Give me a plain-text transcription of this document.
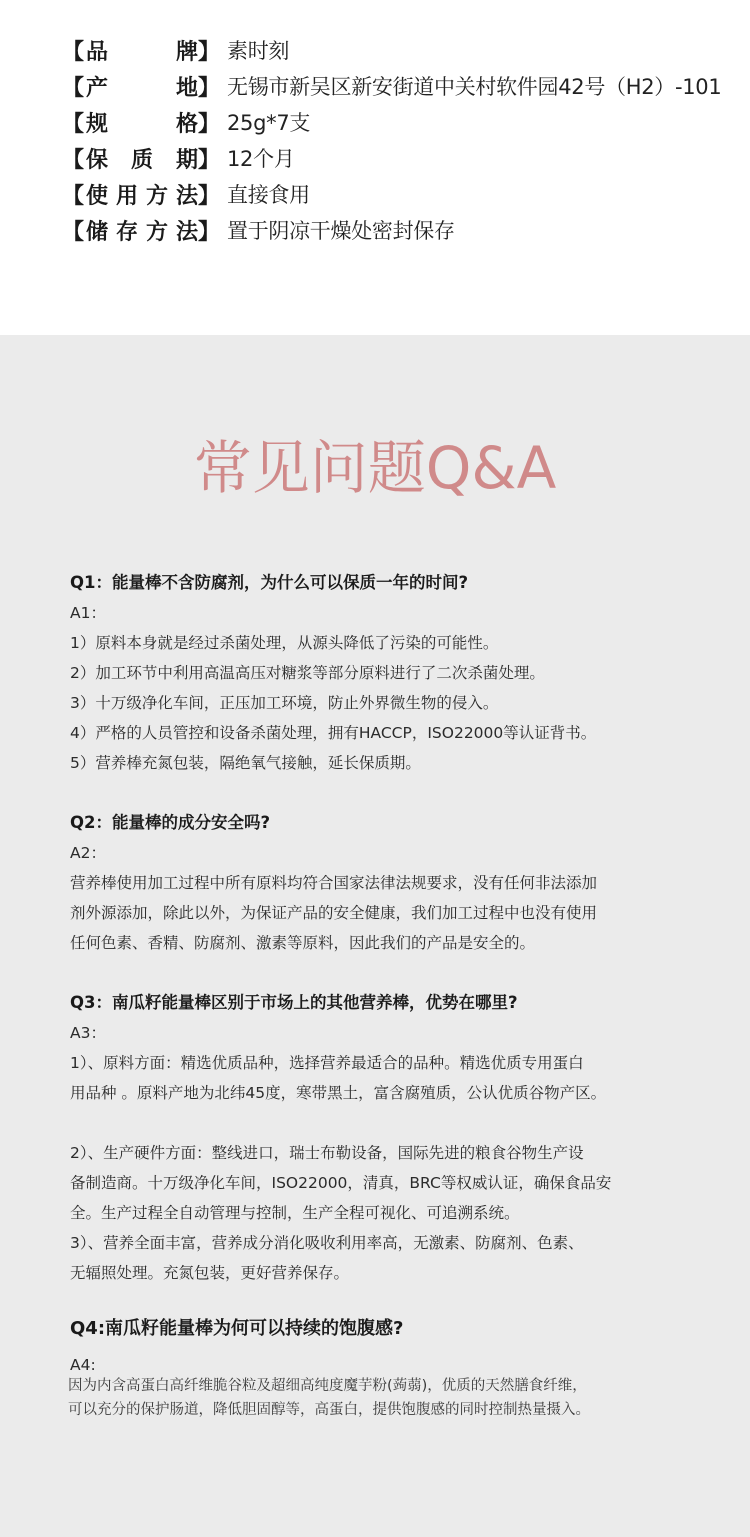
【 品	牌 】 素时刻
【 产	地 】 无锡市新吴区新安街道中关村软件园42号（H2）-101
【 规	格 】 25g*7支
【 保 质 期 】 12个月
【 使 用 方 法 】 直接食用
【 储 存 方 法 】 置于阴凉干燥处密封保存
常见问题Q&A
Q1：能量棒不含防腐剂，为什么可以保质一年的时间?
A1：
1）原料本身就是经过杀菌处理，从源头降低了污染的可能性。
2）加工环节中利用高温高压对糖浆等部分原料进行了二次杀菌处理。
3）十万级净化车间，正压加工环境，防止外界微生物的侵入。
4）严格的人员管控和设备杀菌处理，拥有HACCP，ISO22000等认证背书。
5）营养棒充氮包装，隔绝氧气接触，延长保质期。
Q2：能量棒的成分安全吗?
A2：
营养棒使用加工过程中所有原料均符合国家法律法规要求，没有任何非法添加
剂外源添加，除此以外，为保证产品的安全健康，我们加工过程中也没有使用
任何色素、香精、防腐剂、激素等原料，因此我们的产品是安全的。
Q3：南瓜籽能量棒区别于市场上的其他营养棒，优势在哪里?
A3：
1）、原料方面：精选优质品种，选择营养最适合的品种。精选优质专用蛋白
用品种 。原料产地为北纬45度，寒带黑土，富含腐殖质，公认优质谷物产区。
2）、生产硬件方面：整线进口，瑞士布勒设备，国际先进的粮食谷物生产设
备制造商。十万级净化车间，ISO22000，清真，BRC等权威认证，确保食品安
全。生产过程全自动管理与控制，生产全程可视化、可追溯系统。
3）、营养全面丰富，营养成分消化吸收利用率高，无激素、防腐剂、色素、
无辐照处理。充氮包装，更好营养保存。
Q4:南瓜籽能量棒为何可以持续的饱腹感?
A4:
因为内含高蛋白高纤维脆谷粒及超细高纯度魔芋粉(蒟蒻)，优质的天然膳食纤维，
可以充分的保护肠道，降低胆固醇等，高蛋白，提供饱腹感的同时控制热量摄入。
